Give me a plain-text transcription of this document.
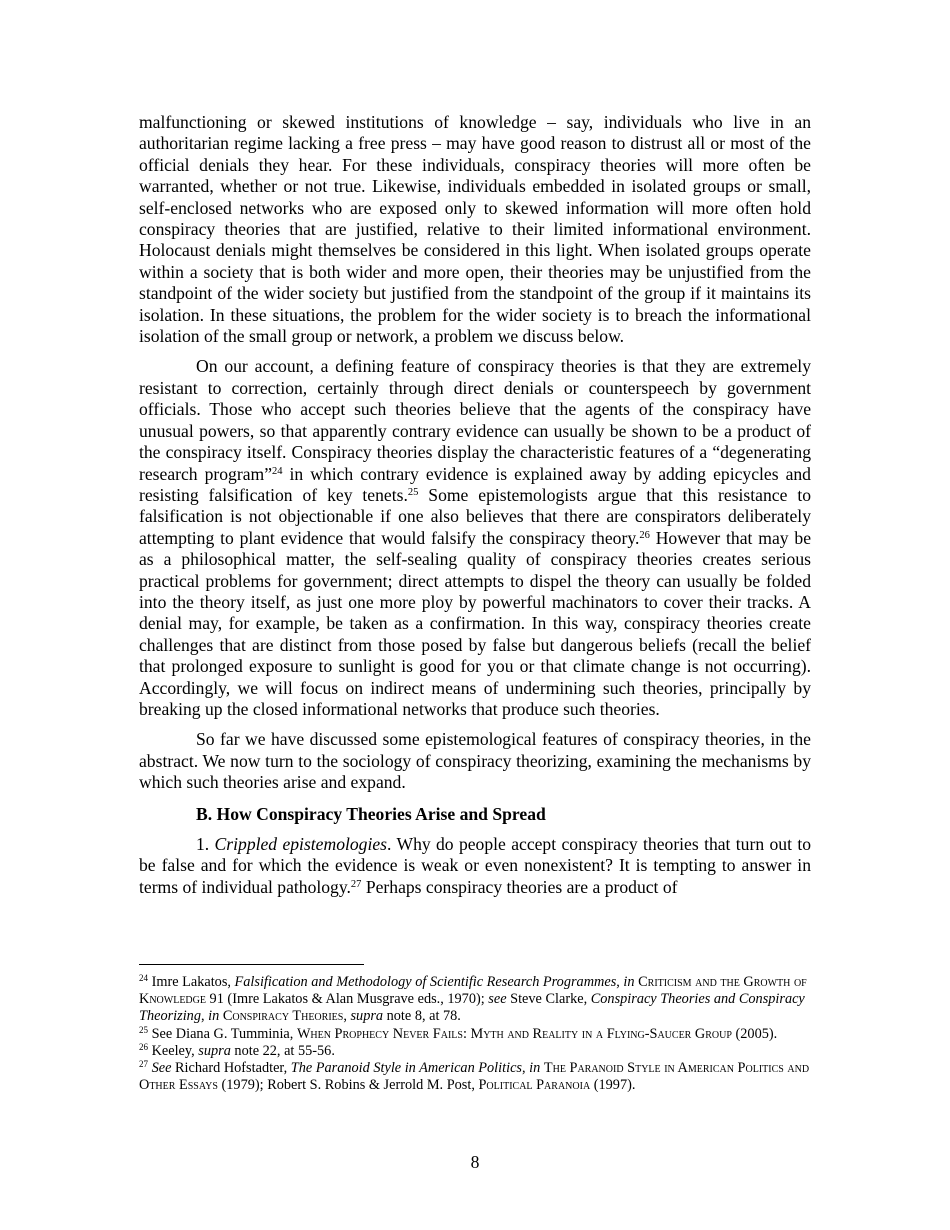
malfunctioning or skewed institutions of knowledge – say, individuals who live in an authoritarian regime lacking a free press – may have good reason to distrust all or most of the official denials they hear. For these individuals, conspiracy theories will more often be warranted, whether or not true. Likewise, individuals embedded in isolated groups or small, self-enclosed networks who are exposed only to skewed information will more often hold conspiracy theories that are justified, relative to their limited informational environment. Holocaust denials might themselves be considered in this light. When isolated groups operate within a society that is both wider and more open, their theories may be unjustified from the standpoint of the wider society but justified from the standpoint of the group if it maintains its isolation. In these situations, the problem for the wider society is to breach the informational isolation of the small group or network, a problem we discuss below.

On our account, a defining feature of conspiracy theories is that they are extremely resistant to correction, certainly through direct denials or counterspeech by government officials. Those who accept such theories believe that the agents of the conspiracy have unusual powers, so that apparently contrary evidence can usually be shown to be a product of the conspiracy itself. Conspiracy theories display the characteristic features of a “degenerating research program”$^{24}$ in which contrary evidence is explained away by adding epicycles and resisting falsification of key tenets.$^{25}$ Some epistemologists argue that this resistance to falsification is not objectionable if one also believes that there are conspirators deliberately attempting to plant evidence that would falsify the conspiracy theory.$^{26}$ However that may be as a philosophical matter, the self-sealing quality of conspiracy theories creates serious practical problems for government; direct attempts to dispel the theory can usually be folded into the theory itself, as just one more ploy by powerful machinators to cover their tracks. A denial may, for example, be taken as a confirmation. In this way, conspiracy theories create challenges that are distinct from those posed by false but dangerous beliefs (recall the belief that prolonged exposure to sunlight is good for you or that climate change is not occurring). Accordingly, we will focus on indirect means of undermining such theories, principally by breaking up the closed informational networks that produce such theories.

So far we have discussed some epistemological features of conspiracy theories, in the abstract. We now turn to the sociology of conspiracy theorizing, examining the mechanisms by which such theories arise and expand.

B. How Conspiracy Theories Arise and Spread

1. Crippled epistemologies. Why do people accept conspiracy theories that turn out to be false and for which the evidence is weak or even nonexistent? It is tempting to answer in terms of individual pathology.$^{27}$ Perhaps conspiracy theories are a product of

$^{24}$ Imre Lakatos, Falsification and Methodology of Scientific Research Programmes, in Criticism and the Growth of Knowledge 91 (Imre Lakatos & Alan Musgrave eds., 1970); see Steve Clarke, Conspiracy Theories and Conspiracy Theorizing, in Conspiracy Theories, supra note 8, at 78.

$^{25}$ See Diana G. Tumminia, When Prophecy Never Fails: Myth and Reality in a Flying-Saucer Group (2005).

$^{26}$ Keeley, supra note 22, at 55-56.

$^{27}$ See Richard Hofstadter, The Paranoid Style in American Politics, in The Paranoid Style in American Politics and Other Essays (1979); Robert S. Robins & Jerrold M. Post, Political Paranoia (1997).

8
